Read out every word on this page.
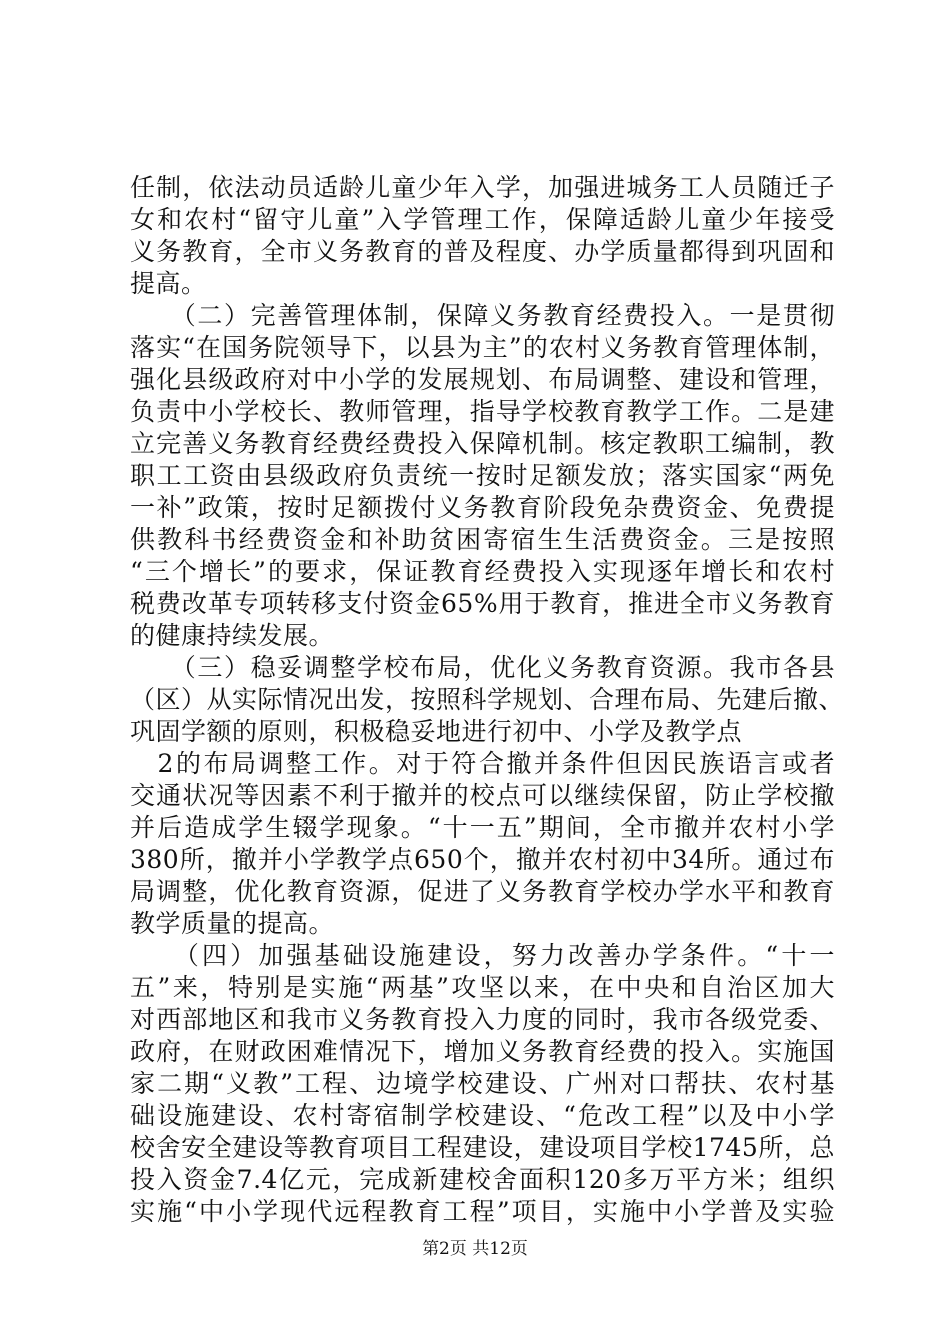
任制，依法动员适龄儿童少年入学，加强进城务工人员随迁子
女和农村“留守儿童”入学管理工作，保障适龄儿童少年接受
义务教育，全市义务教育的普及程度、办学质量都得到巩固和
提高。
　　（二）完善管理体制，保障义务教育经费投入。一是贯彻
落实“在国务院领导下，以县为主”的农村义务教育管理体制，
强化县级政府对中小学的发展规划、布局调整、建设和管理，
负责中小学校长、教师管理，指导学校教育教学工作。二是建
立完善义务教育经费经费投入保障机制。核定教职工编制，教
职工工资由县级政府负责统一按时足额发放；落实国家“两免
一补”政策，按时足额拨付义务教育阶段免杂费资金、免费提
供教科书经费资金和补助贫困寄宿生生活费资金。三是按照
“三个增长”的要求，保证教育经费投入实现逐年增长和农村
税费改革专项转移支付资金65%用于教育，推进全市义务教育
的健康持续发展。
　　（三）稳妥调整学校布局，优化义务教育资源。我市各县
（区）从实际情况出发，按照科学规划、合理布局、先建后撤、
巩固学额的原则，积极稳妥地进行初中、小学及教学点
　2的布局调整工作。对于符合撤并条件但因民族语言或者
交通状况等因素不利于撤并的校点可以继续保留，防止学校撤
并后造成学生辍学现象。“十一五”期间，全市撤并农村小学
380所，撤并小学教学点650个，撤并农村初中34所。通过布
局调整，优化教育资源，促进了义务教育学校办学水平和教育
教学质量的提高。
　　（四）加强基础设施建设，努力改善办学条件。“十一
五”来，特别是实施“两基”攻坚以来，在中央和自治区加大
对西部地区和我市义务教育投入力度的同时，我市各级党委、
政府，在财政困难情况下，增加义务教育经费的投入。实施国
家二期“义教”工程、边境学校建设、广州对口帮扶、农村基
础设施建设、农村寄宿制学校建设、“危改工程”以及中小学
校舍安全建设等教育项目工程建设，建设项目学校1745所，总
投入资金7.4亿元，完成新建校舍面积120多万平方米；组织
实施“中小学现代远程教育工程”项目，实施中小学普及实验
第2页 共12页
